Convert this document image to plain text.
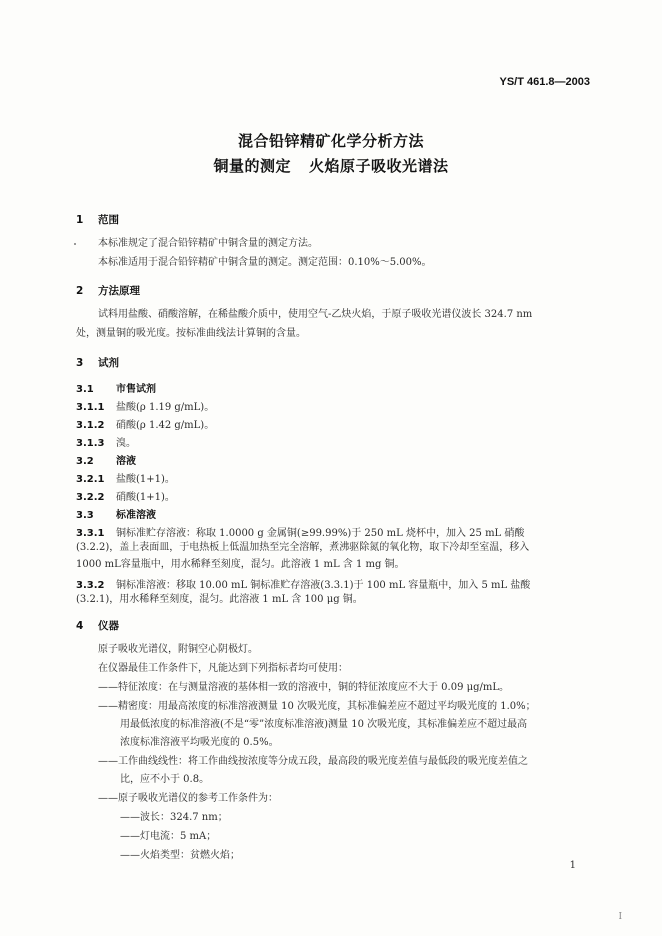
YS/T 461.8—2003
混合铅锌精矿化学分析方法
铜量的测定 火焰原子吸收光谱法
1 范围
本标准规定了混合铅锌精矿中铜含量的测定方法。
本标准适用于混合铅锌精矿中铜含量的测定。测定范围：0.10%～5.00%。
2 方法原理
试料用盐酸、硝酸溶解，在稀盐酸介质中，使用空气-乙炔火焰，于原子吸收光谱仪波长 324.7 nm
处，测量铜的吸光度。按标准曲线法计算铜的含量。
3 试剂
3.1 市售试剂
3.1.1 盐酸(ρ 1.19 g/mL)。
3.1.2 硝酸(ρ 1.42 g/mL)。
3.1.3 溴。
3.2 溶液
3.2.1 盐酸(1+1)。
3.2.2 硝酸(1+1)。
3.3 标准溶液
3.3.1 铜标准贮存溶液：称取 1.0000 g 金属铜(≥99.99%)于 250 mL 烧杯中，加入 25 mL 硝酸
(3.2.2)，盖上表面皿，于电热板上低温加热至完全溶解，煮沸驱除氮的氧化物，取下冷却至室温，移入
1000 mL容量瓶中，用水稀释至刻度，混匀。此溶液 1 mL 含 1 mg 铜。
3.3.2 铜标准溶液：移取 10.00 mL 铜标准贮存溶液(3.3.1)于 100 mL 容量瓶中，加入 5 mL 盐酸
(3.2.1)，用水稀释至刻度，混匀。此溶液 1 mL 含 100 μg 铜。
4 仪器
原子吸收光谱仪，附铜空心阴极灯。
在仪器最佳工作条件下，凡能达到下列指标者均可使用：
——特征浓度：在与测量溶液的基体相一致的溶液中，铜的特征浓度应不大于 0.09 μg/mL。
——精密度：用最高浓度的标准溶液测量 10 次吸光度，其标准偏差应不超过平均吸光度的 1.0%；
用最低浓度的标准溶液(不是“零”浓度标准溶液)测量 10 次吸光度，其标准偏差应不超过最高
浓度标准溶液平均吸光度的 0.5%。
——工作曲线线性：将工作曲线按浓度等分成五段，最高段的吸光度差值与最低段的吸光度差值之
比，应不小于 0.8。
——原子吸收光谱仪的参考工作条件为：
——波长：324.7 nm；
——灯电流：5 mA；
——火焰类型：贫燃火焰；
1
I
